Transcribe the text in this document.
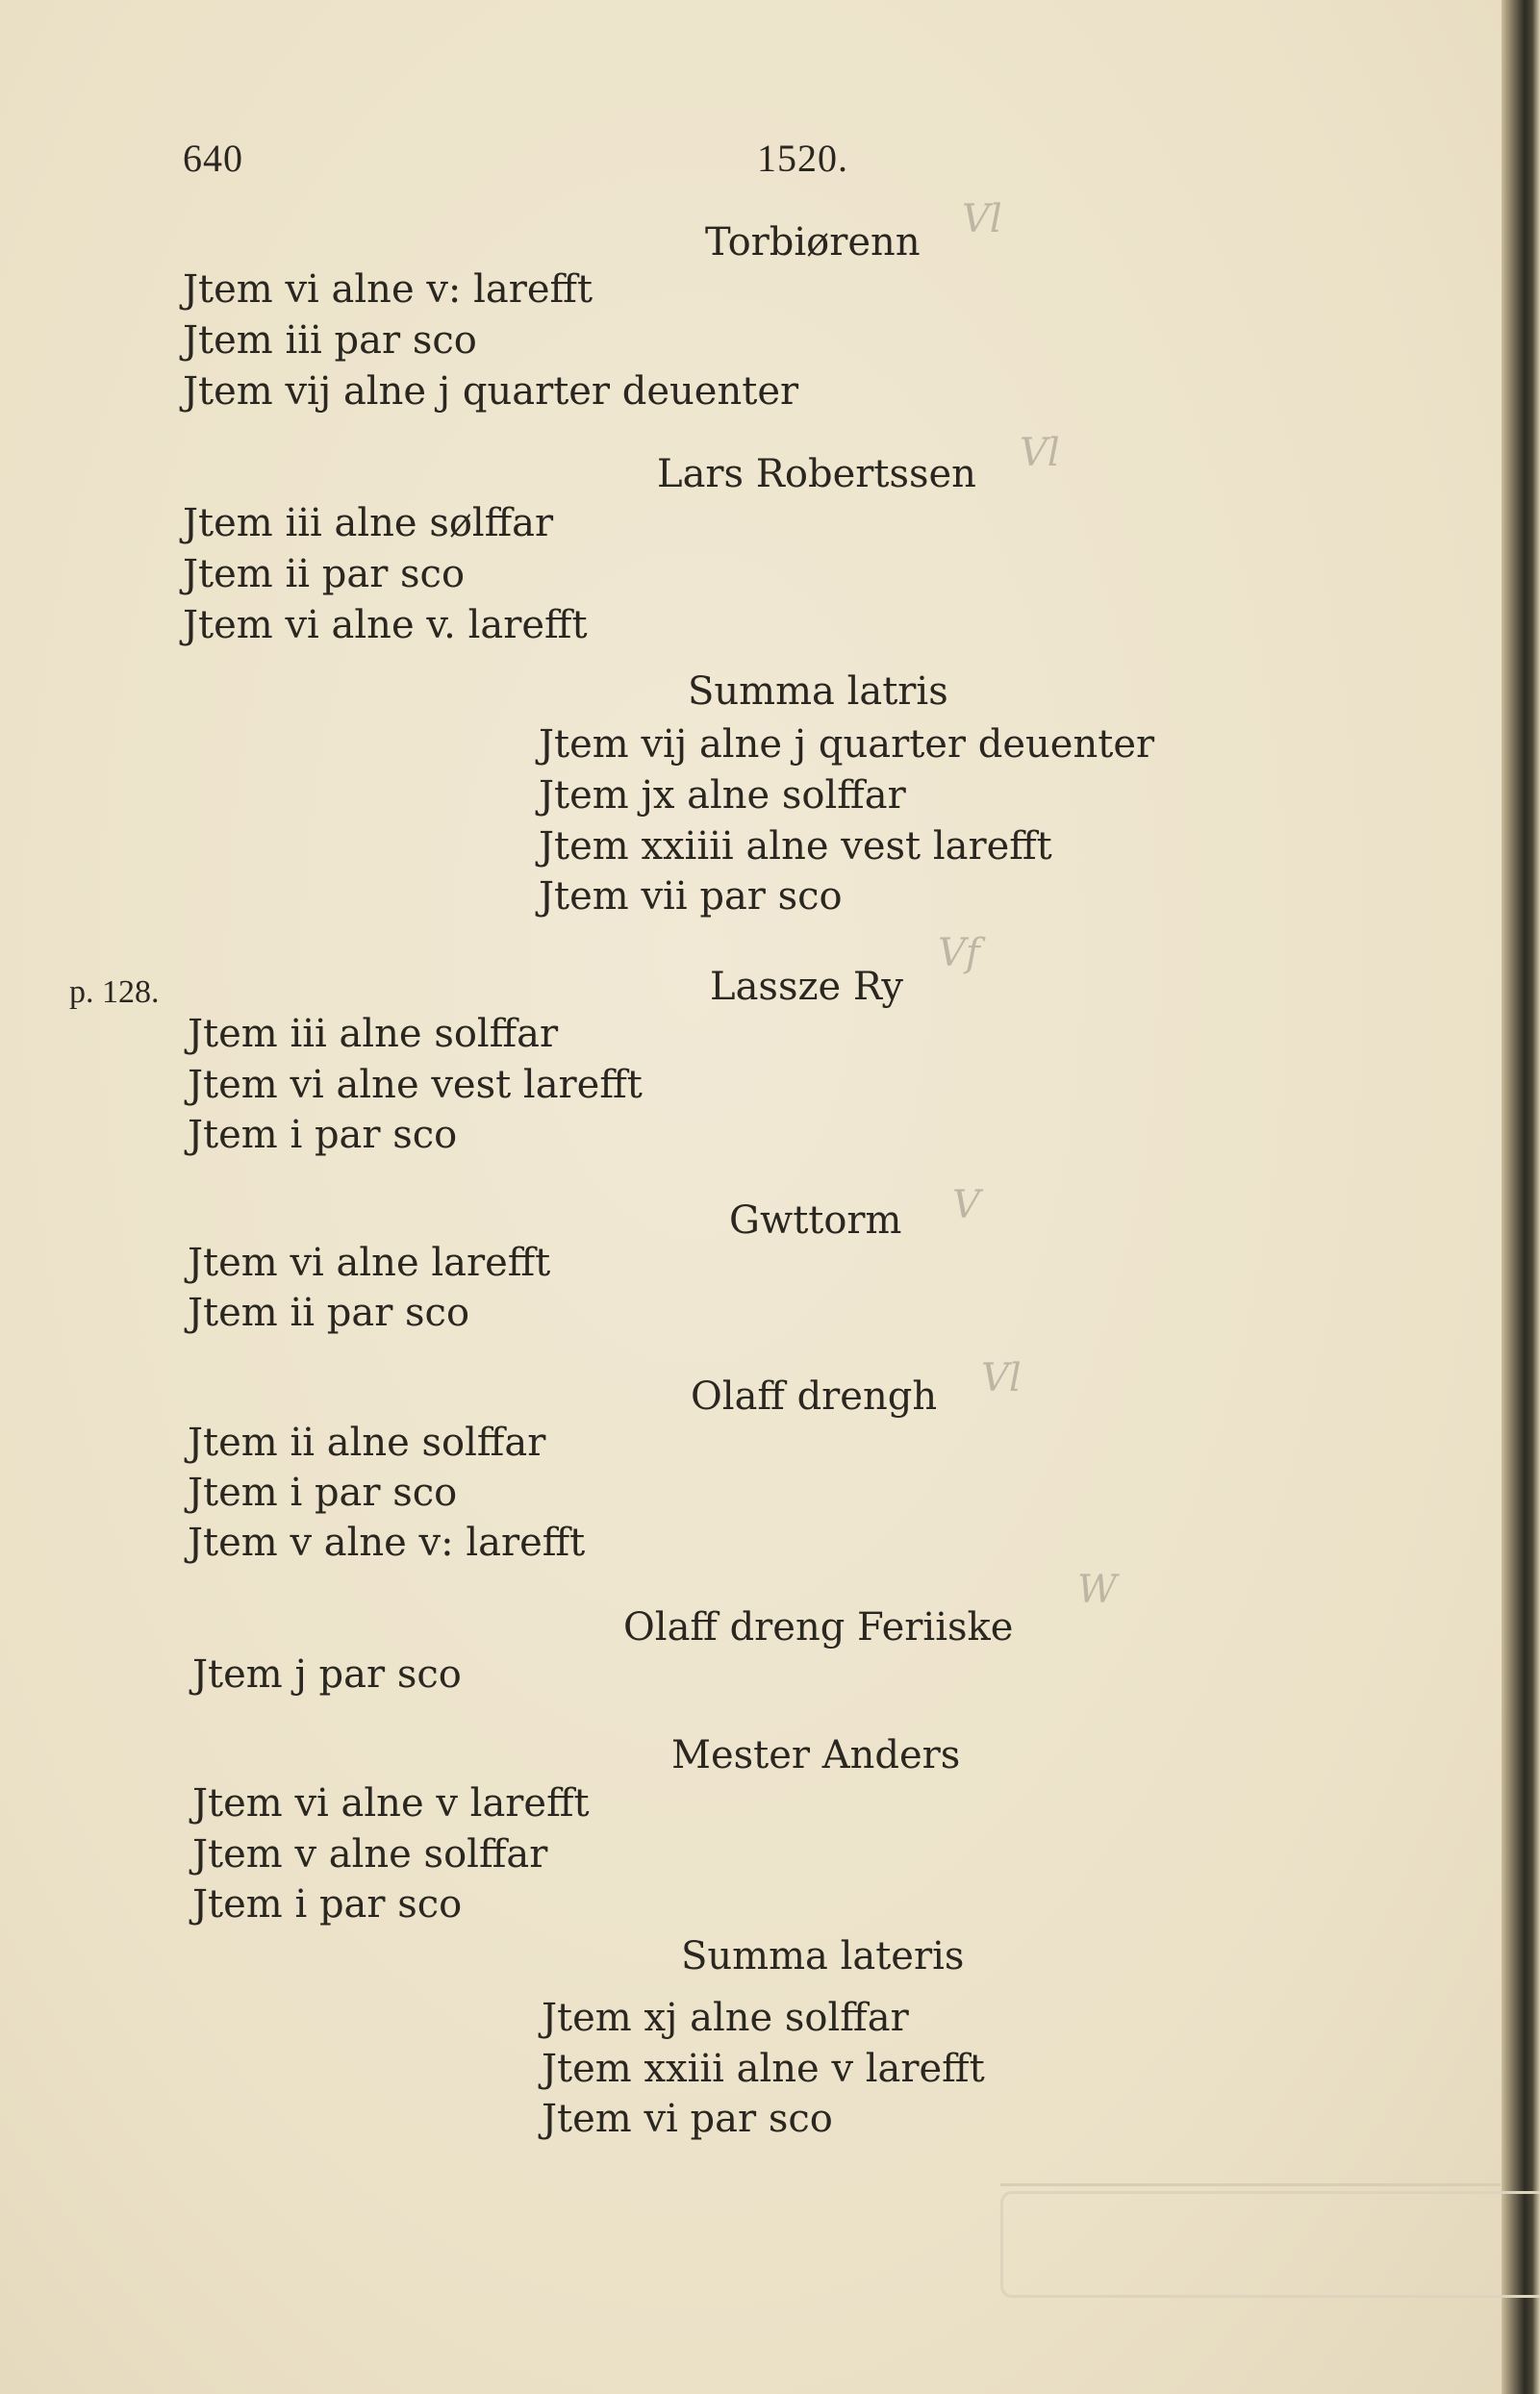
640	1520.
p. 128.
Vl
Vl
Vf
V
Vl
W
Torbiørenn
Jtem vi alne v: larefft
Jtem iii par sco
Jtem vij alne j quarter deuenter
Lars Robertssen
Jtem iii alne sølffar
Jtem ii par sco
Jtem vi alne v. larefft
Summa latris
Jtem vij alne j quarter deuenter
Jtem jx alne solffar
Jtem xxiiii alne vest larefft
Jtem vii par sco
Lassze Ry
Jtem iii alne solffar
Jtem vi alne vest larefft
Jtem i par sco
Gwttorm
Jtem vi alne larefft
Jtem ii par sco
Olaff drengh
Jtem ii alne solffar
Jtem i par sco
Jtem v alne v: larefft
Olaff dreng Feriiske
Jtem j par sco
Mester Anders
Jtem vi alne v larefft
Jtem v alne solffar
Jtem i par sco
Summa lateris
Jtem xj alne solffar
Jtem xxiii alne v larefft
Jtem vi par sco
